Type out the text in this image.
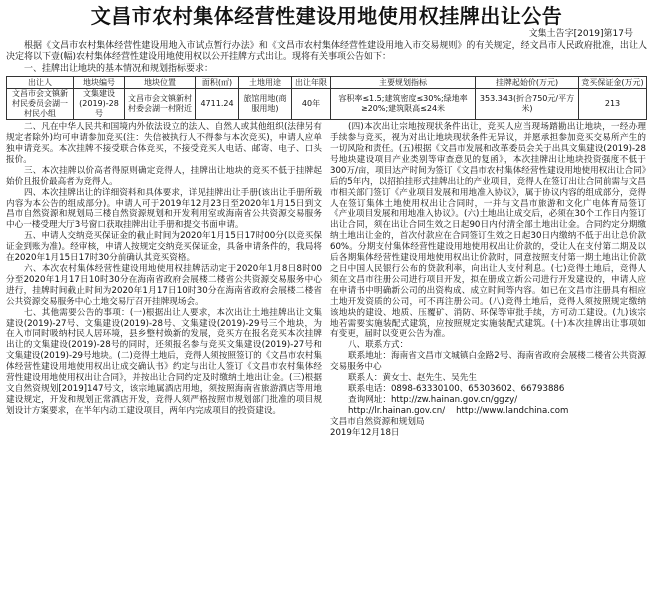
文昌市农村集体经营性建设用地使用权挂牌出让公告
文集土告字[2019]第17号

根据《文昌市农村集体经营性建设用地入市试点暂行办法》和《文昌市农村集体经营性建设用地入市交易规则》的有关规定，经文昌市人民政府批准，出让人决定将以下壹(幅)农村集体经营性建设用地使用权以公开挂牌方式出让。现将有关事项公告如下：

一、挂牌出让地块的基本情况和规划指标要求：

出让人	地块编号	地块位置	面积(㎡)	土地用途	出让年限	主要规划指标	挂牌起始价(万元)	竞买保证金(万元)
文昌市会文镇新村民委员会湖一村民小组	文集建设(2019)-28号	文昌市会文镇新村村委会湖一村附近	4711.24	旅馆用地(商服用地)	40年	容积率≤1.5;建筑密度≤30%;绿地率≥20%;建筑限高≤24米	353.343(折合750元/平方米)	213

二、凡在中华人民共和国境内外依法设立的法人、自然人或其他组织(法律另有规定者除外)均可申请参加竞买(注：失信被执行人不得参与本次竞买)，申请人应单独申请竞买。本次挂牌不接受联合体竞买，不接受竞买人电话、邮寄、电子、口头报价。

三、本次挂牌以价高者得原则确定竞得人，挂牌出让地块的竞买不低于挂牌起始价且报价最高者为竞得人。

四、本次挂牌出让的详细资料和具体要求，详见挂牌出让手册(该出让手册所载内容为本公告的组成部分)。申请人可于2019年12月23日至2020年1月15日到文昌市自然资源和规划局三楼自然资源规划和开发利用室或海南省公共资源交易服务中心一楼受理大厅3号窗口获取挂牌出让手册和提交书面申请。

五、申请人交纳竞买保证金的截止时间为2020年1月15日17时00分(以竞买保证金到账为准)。经审核，申请人按规定交纳竞买保证金，具备申请条件的，我局将在2020年1月15日17时30分前确认其竞买资格。

六、本次农村集体经营性建设用地使用权挂牌活动定于2020年1月8日8时00分至2020年1月17日10时30分在海南省政府会展楼二楼省公共资源交易服务中心进行，挂牌时间截止时间为2020年1月17日10时30分在海南省政府会展楼二楼省公共资源交易服务中心土地交易厅召开挂牌现场会。

七、其他需要公告的事项：(一)根据出让人要求，本次出让土地挂牌出让文集建设(2019)-27号、文集建设(2019)-28号、文集建设(2019)-29号三个地块，为在入市同时吸纳村民人居环境，县乡整村焕新的发展，竞买方在报名竞买本次挂牌出让的文集建设(2019)-28号的同时，还须报名参与竞买文集建设(2019)-27号和文集建设(2019)-29号地块。(二)竞得土地后，竞得人须按照签订的《文昌市农村集体经营性建设用地使用权出让成交确认书》约定与出让人签订《文昌市农村集体经营性建设用地使用权出让合同》，并按出让合同约定及时缴纳土地出让金。(三)根据文自然资规划[2019]147号文，该宗地属酒店用地，须按照海南省旅游酒店等用地建设规定，开发和规划正常酒店开发，竞得人须严格按照市规划部门批准的项目规划设计方案要求，在半年内动工建设项目，两年内完成项目的投资建设。

(四)本次出让宗地按现状条件出让，竞买人应当现场踏勘出让地块，一经办理手续参与竞买，视为对出让地块现状条件无异议，并愿承担参加竞买交易所产生的一切风险和责任。(五)根据《文昌市发展和改革委员会关于出具文集建设(2019)-28号地块建设项目产业类别等审查意见的复函》，本次挂牌出让地块投资强度不低于300万/亩，项目达产时间为签订《文昌市农村集体经营性建设用地使用权出让合同》后的5年内，以招拍挂形式挂牌出让的产业项目，竞得人在签订出让合同前需与文昌市相关部门签订《产业项目发展和用地准入协议》，属于协议内容的组成部分，竞得人在签订集体土地使用权出让合同时，一并与文昌市旅游和文化广电体育局签订《产业项目发展和用地准入协议》。(六)土地出让成交后，必须在30个工作日内签订出让合同，须在出让合同生效之日起90日内付清全部土地出让金。合同约定分期缴纳土地出让金的，首次付款应在合同签订生效之日起30日内缴纳不低于出让总价款60%。分期支付集体经营性建设用地使用权出让价款的，受让人在支付第二期及以后各期集体经营性建设用地使用权出让价款时，同意按照支付第一期土地出让价款之日中国人民银行公布的贷款利率，向出让人支付利息。(七)竞得土地后，竞得人须在文昌市往册公司进行项目开发，拟在册成立新公司进行开发建设的，申请人应在申请书中明确新公司的出资构成、成立时间等内容。如已在文昌市注册具有相应土地开发资质的公司，可不再注册公司。(八)竞得土地后，竞得人须按照规定缴纳该地块的建设、地质、压覆矿、消防、环保等审批手续，方可动工建设。(九)该宗地若需要实施装配式建筑，应按照规定实施装配式建筑。(十)本次挂牌出让事项如有变更，届时以变更公告为准。

八、联系方式：

联系地址：海南省文昌市文城镇白金路2号、海南省政府会展楼二楼省公共资源交易服务中心

联系人：黄女士、赵先生、吴先生

联系电话：0898-63330100、65303602、66793886

查询网址：http://zw.hainan.gov.cn/ggzy/

http://lr.hainan.gov.cn/ http://www.landchina.com

文昌市自然资源和规划局

2019年12月18日
